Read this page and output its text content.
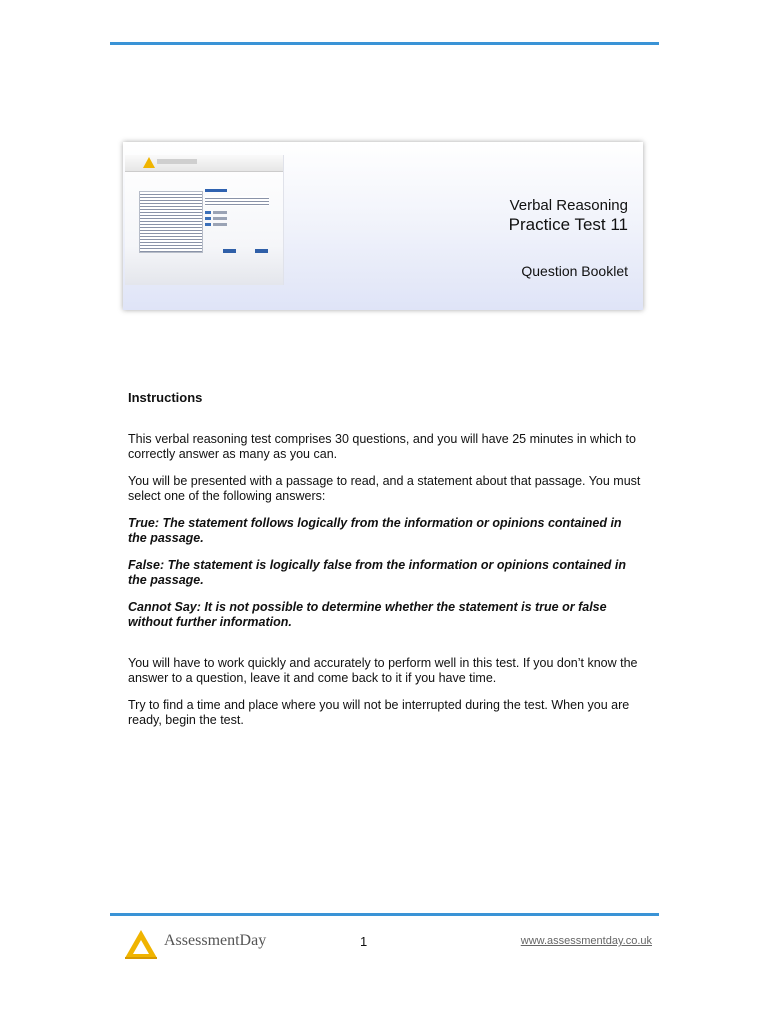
Verbal Reasoning
Practice Test 11
Question Booklet
Instructions

This verbal reasoning test comprises 30 questions, and you will have 25 minutes in which to correctly answer as many as you can.

You will be presented with a passage to read, and a statement about that passage. You must select one of the following answers:

True: The statement follows logically from the information or opinions contained in the passage.

False: The statement is logically false from the information or opinions contained in the passage.

Cannot Say: It is not possible to determine whether the statement is true or false without further information.

You will have to work quickly and accurately to perform well in this test. If you don’t know the answer to a question, leave it and come back to it if you have time.

Try to find a time and place where you will not be interrupted during the test. When you are ready, begin the test.

AssessmentDay	1	www.assessmentday.co.uk
